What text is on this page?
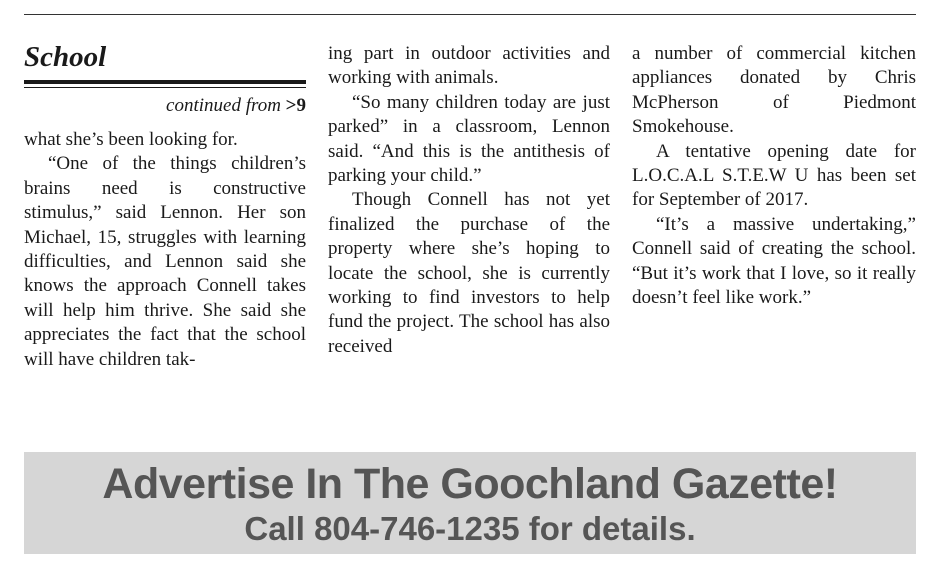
School
continued from >9

what she’s been looking for.

“One of the things children’s brains need is constructive stimulus,” said Lennon. Her son Michael, 15, struggles with learning difficulties, and Lennon said she knows the approach Connell takes will help him thrive. She said she appreciates the fact that the school will have children tak-

ing part in outdoor activities and working with animals.

“So many children today are just parked” in a classroom, Lennon said. “And this is the antithesis of parking your child.”

Though Connell has not yet finalized the purchase of the property where she’s hoping to locate the school, she is currently working to find investors to help fund the project. The school has also received

a number of commercial kitchen appliances donated by Chris McPherson of Piedmont Smokehouse.

A tentative opening date for L.O.C.A.L S.T.E.W U has been set for September of 2017.

“It’s a massive undertaking,” Connell said of creating the school. “But it’s work that I love, so it really doesn’t feel like work.”

Advertise In The Goochland Gazette!
Call 804-746-1235 for details.
